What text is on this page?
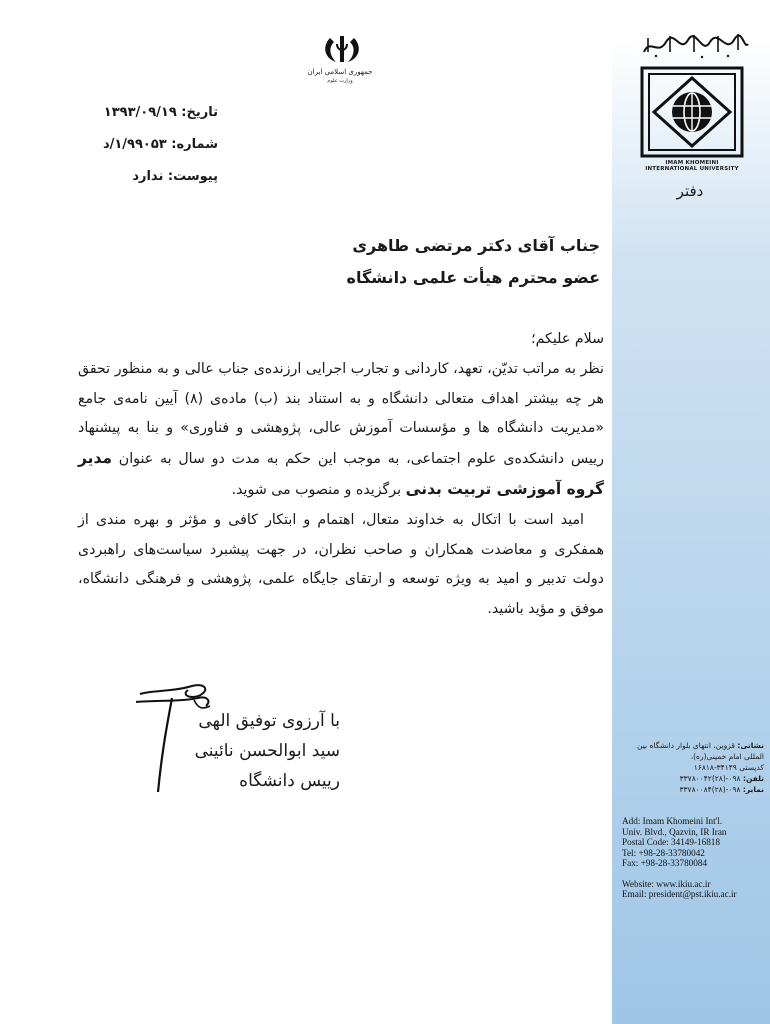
IMAM KHOMEINI
INTERNATIONAL UNIVERSITY
دفتر
جمهوری اسلامی ایران
وزارت علوم
تاریخ: ۱۳۹۳/۰۹/۱۹
شماره: ۱/۹۹۰۵۳/د
پیوست: ندارد
جناب آقای دکتر مرتضی طاهری
عضو محترم هیأت علمی دانشگاه

سلام علیکم؛

نظر به مراتب تدیّن، تعهد، کاردانی و تجارب اجرایی ارزنده‌ی جناب عالی و به منظور تحقق هر چه بیشتر اهداف متعالی دانشگاه و به استناد بند (ب) ماده‌ی (۸) آیین نامه‌ی جامع «مدیریت دانشگاه ها و مؤسسات آموزش عالی، پژوهشی و فناوری» و بنا به پیشنهاد رییس دانشکده‌ی علوم اجتماعی، به موجب این حکم به مدت دو سال به عنوان مدیر گروه آموزشی تربیت بدنی برگزیده و منصوب می شوید.

امید است با اتکال به خداوند متعال، اهتمام و ابتکار کافی و مؤثر و بهره مندی از همفکری و معاضدت همکاران و صاحب نظران، در جهت پیشبرد سیاست‌های راهبردی دولت تدبیر و امید به ویژه توسعه و ارتقای جایگاه علمی، پژوهشی و فرهنگی دانشگاه، موفق و مؤید باشید.

با آرزوی توفیق الهی
سید ابوالحسن نائینی
رییس دانشگاه
نشانی: قزوین، انتهای بلوار دانشگاه بین المللی امام خمینی(ره)،
کدپستی ۳۴۱۴۹-۱۶۸۱۸
تلفن: ۰۹۸-(۲۸)۳۳۷۸۰۰۴۲
نمابر: ۰۹۸-(۲۸)۳۳۷۸۰۰۸۴
Add: Imam Khomeini Int'l.
Univ. Blvd., Qazvin, IR Iran
Postal Code: 34149-16818
Tel: +98-28-33780042
Fax: +98-28-33780084
Website: www.ikiu.ac.ir
Email: president@pst.ikiu.ac.ir
